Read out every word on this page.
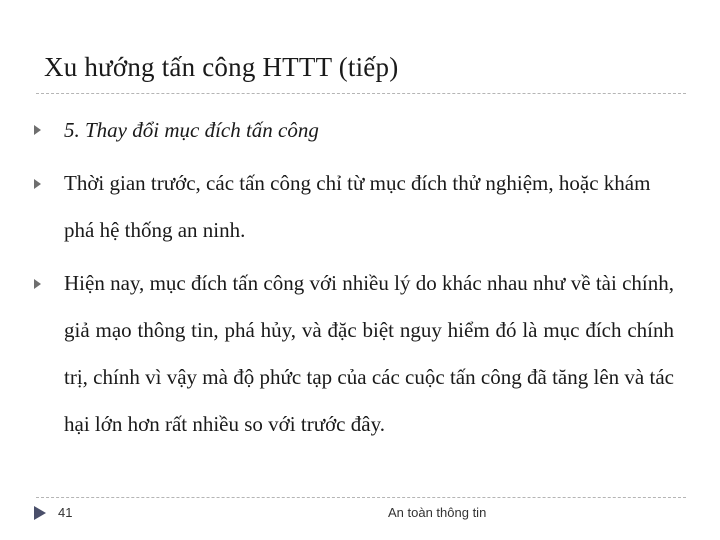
Xu hướng tấn công HTTT (tiếp)
5. Thay đổi mục đích tấn công
Thời gian trước, các tấn công chỉ từ mục đích thử nghiệm, hoặc khám phá hệ thống an ninh.
Hiện nay, mục đích tấn công với nhiều lý do khác nhau như về tài chính, giả mạo thông tin, phá hủy, và đặc biệt nguy hiểm đó là mục đích chính trị, chính vì vậy mà độ phức tạp của các cuộc tấn công đã tăng lên và tác hại lớn hơn rất nhiều so với trước đây.
41	An toàn thông tin
